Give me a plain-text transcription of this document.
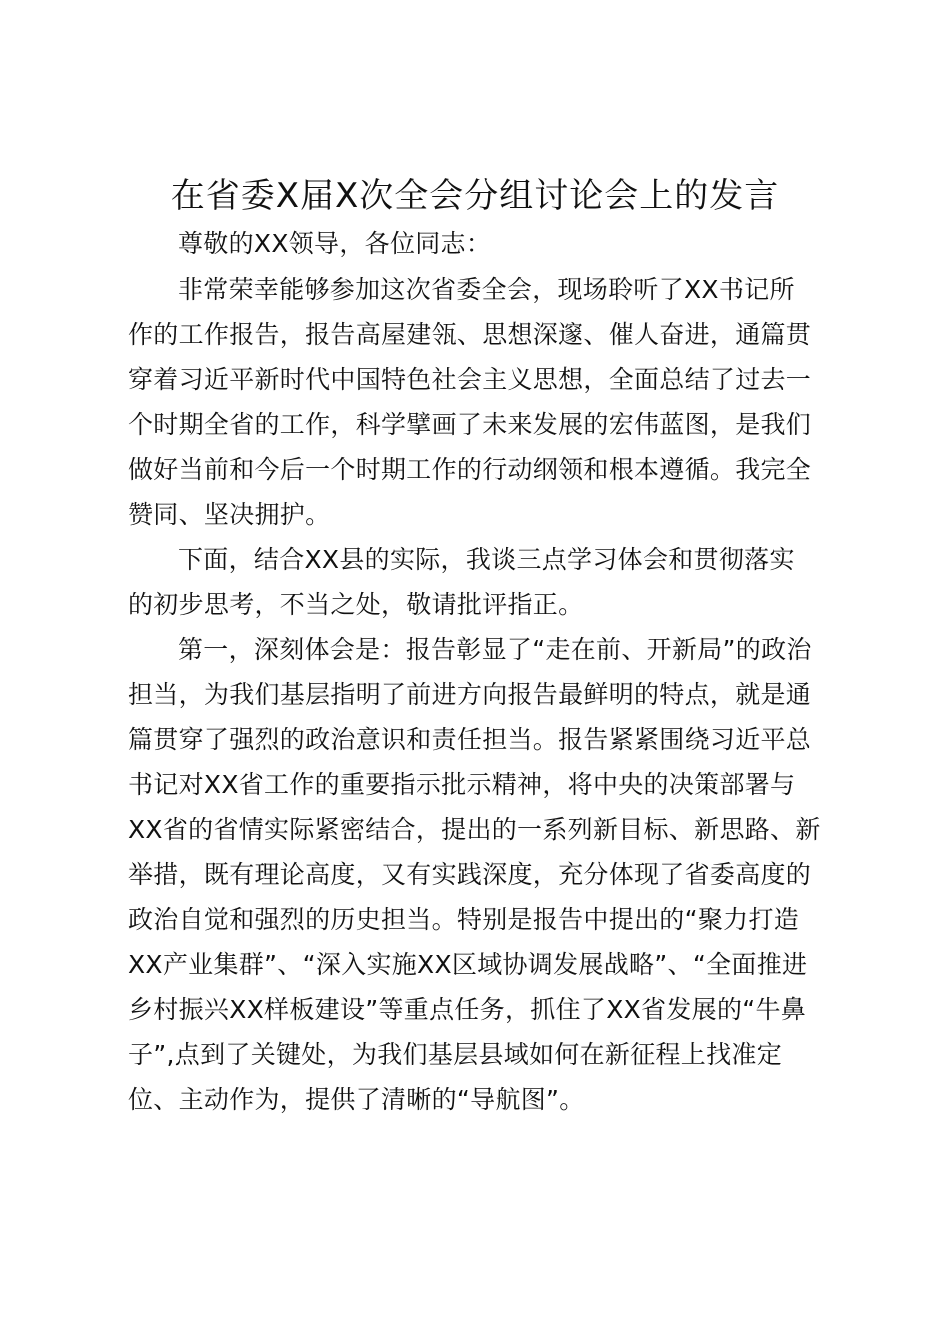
在省委Ⅹ届Ⅹ次全会分组讨论会上的发言
尊敬的XX领导，各位同志：
非常荣幸能够参加这次省委全会，现场聆听了XX书记所
作的工作报告，报告高屋建瓴、思想深邃、催人奋进，通篇贯
穿着习近平新时代中国特色社会主义思想，全面总结了过去一
个时期全省的工作，科学擘画了未来发展的宏伟蓝图，是我们
做好当前和今后一个时期工作的行动纲领和根本遵循。我完全
赞同、坚决拥护。
下面，结合XX县的实际，我谈三点学习体会和贯彻落实
的初步思考，不当之处，敬请批评指正。
第一，深刻体会是：报告彰显了“走在前、开新局”的政治
担当，为我们基层指明了前进方向报告最鲜明的特点，就是通
篇贯穿了强烈的政治意识和责任担当。报告紧紧围绕习近平总
书记对XX省工作的重要指示批示精神，将中央的决策部署与
XX省的省情实际紧密结合，提出的一系列新目标、新思路、新
举措，既有理论高度，又有实践深度，充分体现了省委高度的
政治自觉和强烈的历史担当。特别是报告中提出的“聚力打造
XX产业集群”、“深入实施XX区域协调发展战略”、“全面推进
乡村振兴XX样板建设”等重点任务，抓住了XX省发展的“牛鼻
子”,点到了关键处，为我们基层县域如何在新征程上找准定
位、主动作为，提供了清晰的“导航图”。
